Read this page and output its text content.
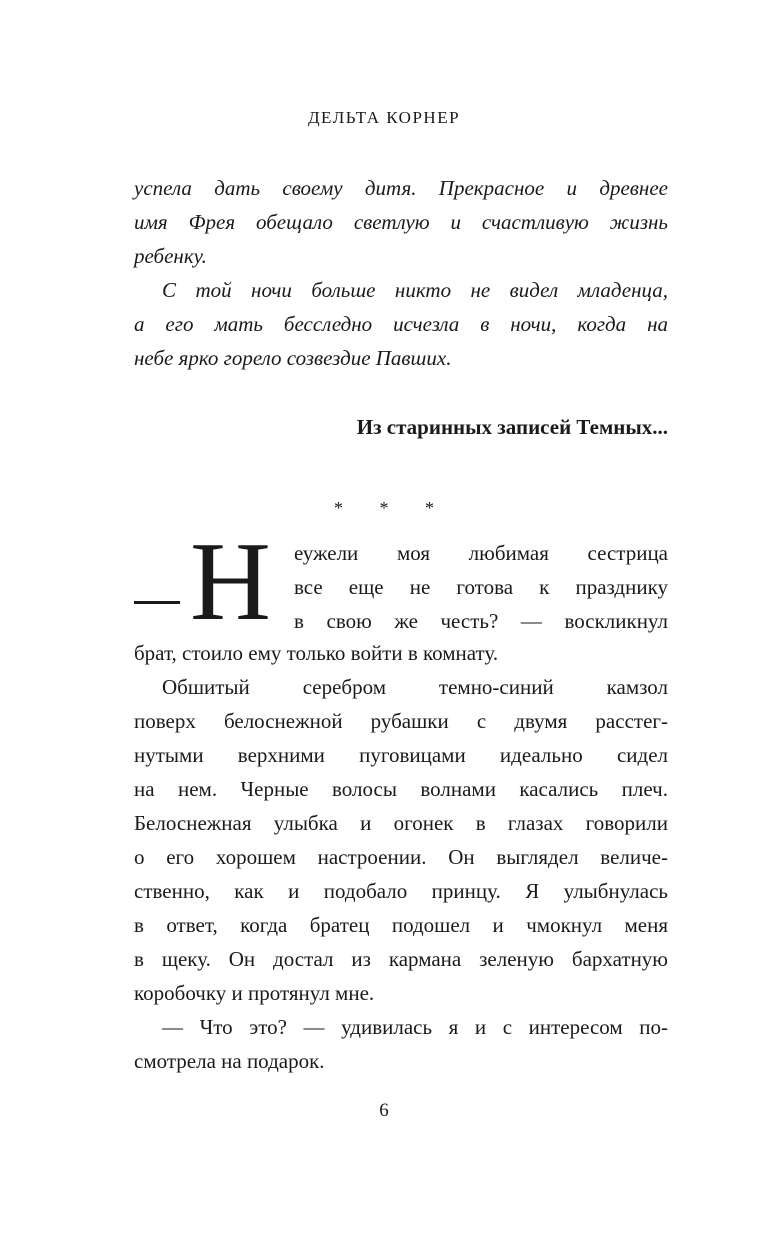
ДЕЛЬТА КОРНЕР
успела дать своему дитя. Прекрасное и древнее
имя Фрея обещало светлую и счастливую жизнь
ребенку.
С той ночи больше никто не видел младенца,
а его мать бесследно исчезла в ночи, когда на
небе ярко горело созвездие Павших.
Из старинных записей Темных...
* * *
Н еужели моя любимая сестрица
все еще не готова к празднику
в свою же честь? — воскликнул
брат, стоило ему только войти в комнату.
Обшитый серебром темно-синий камзол
поверх белоснежной рубашки с двумя расстег-
нутыми верхними пуговицами идеально сидел
на нем. Черные волосы волнами касались плеч.
Белоснежная улыбка и огонек в глазах говорили
о его хорошем настроении. Он выглядел величе-
ственно, как и подобало принцу. Я улыбнулась
в ответ, когда братец подошел и чмокнул меня
в щеку. Он достал из кармана зеленую бархатную
коробочку и протянул мне.
— Что это? — удивилась я и с интересом по-
смотрела на подарок.
6
